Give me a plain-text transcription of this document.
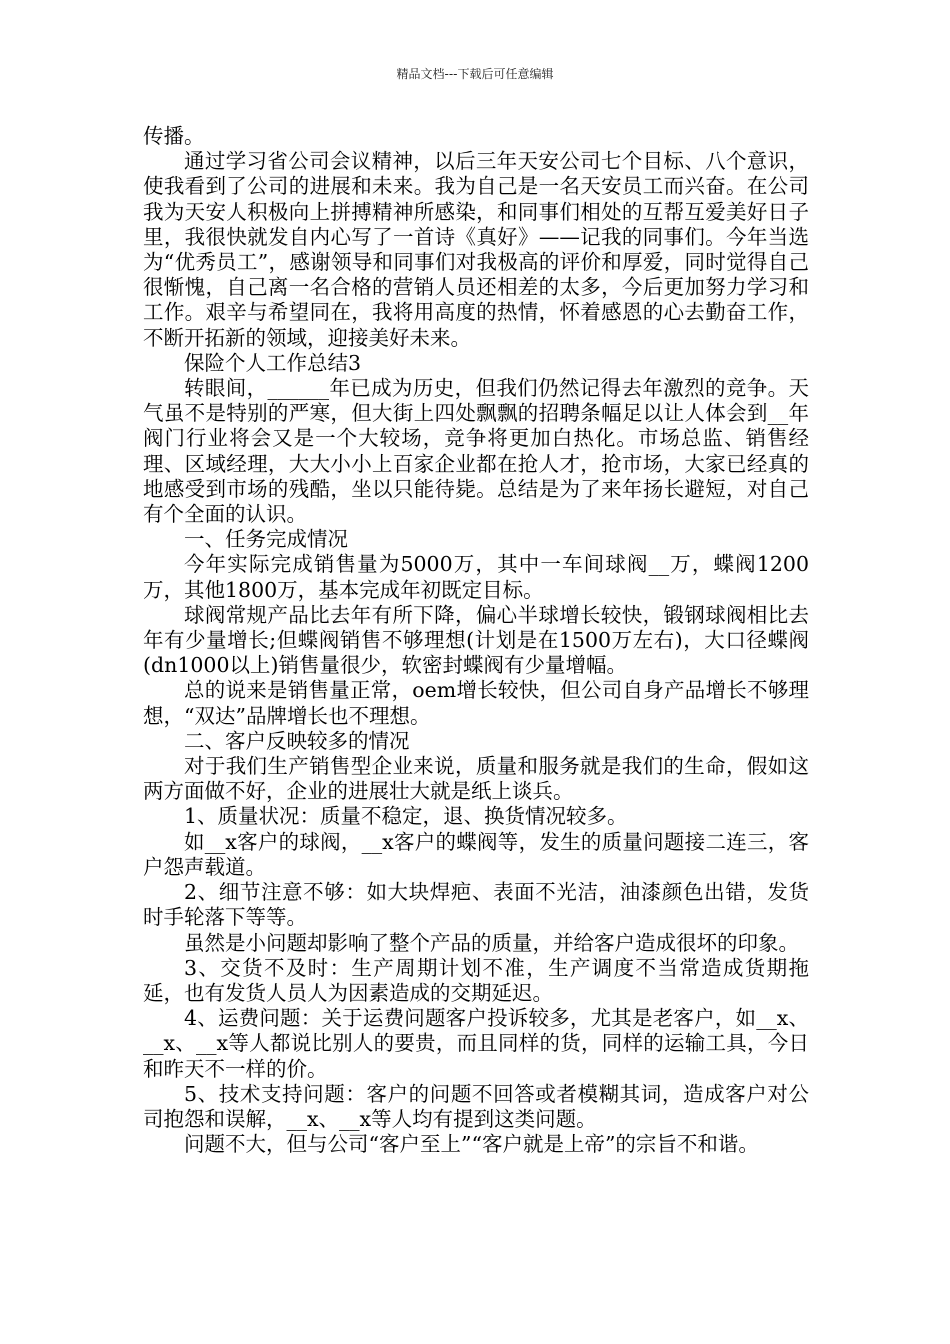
精品文档---下载后可任意编辑

传播。

通过学习省公司会议精神，以后三年天安公司七个目标、八个意识，使我看到了公司的进展和未来。我为自己是一名天安员工而兴奋。在公司我为天安人积极向上拼搏精神所感染，和同事们相处的互帮互爱美好日子里，我很快就发自内心写了一首诗《真好》——记我的同事们。今年当选为“优秀员工”，感谢领导和同事们对我极高的评价和厚爱，同时觉得自己很惭愧，自己离一名合格的营销人员还相差的太多，今后更加努力学习和工作。艰辛与希望同在，我将用高度的热情，怀着感恩的心去勤奋工作，不断开拓新的领域，迎接美好未来。

保险个人工作总结3

转眼间，______年已成为历史，但我们仍然记得去年激烈的竞争。天气虽不是特别的严寒，但大街上四处飘飘的招聘条幅足以让人体会到__年阀门行业将会又是一个大较场，竞争将更加白热化。市场总监、销售经理、区域经理，大大小小上百家企业都在抢人才，抢市场，大家已经真的地感受到市场的残酷，坐以只能待毙。总结是为了来年扬长避短，对自己有个全面的认识。

一、任务完成情况

今年实际完成销售量为5000万，其中一车间球阀__万，蝶阀1200万，其他1800万，基本完成年初既定目标。

球阀常规产品比去年有所下降，偏心半球增长较快，锻钢球阀相比去年有少量增长;但蝶阀销售不够理想(计划是在1500万左右)，大口径蝶阀(dn1000以上)销售量很少，软密封蝶阀有少量增幅。

总的说来是销售量正常，oem增长较快，但公司自身产品增长不够理想，“双达”品牌增长也不理想。

二、客户反映较多的情况

对于我们生产销售型企业来说，质量和服务就是我们的生命，假如这两方面做不好，企业的进展壮大就是纸上谈兵。

1、质量状况：质量不稳定，退、换货情况较多。

如__x客户的球阀，__x客户的蝶阀等，发生的质量问题接二连三，客户怨声载道。

2、细节注意不够：如大块焊疤、表面不光洁，油漆颜色出错，发货时手轮落下等等。

虽然是小问题却影响了整个产品的质量，并给客户造成很坏的印象。

3、交货不及时：生产周期计划不准，生产调度不当常造成货期拖延，也有发货人员人为因素造成的交期延迟。

4、运费问题：关于运费问题客户投诉较多，尤其是老客户，如__x、__x、__x等人都说比别人的要贵，而且同样的货，同样的运输工具，今日和昨天不一样的价。

5、技术支持问题：客户的问题不回答或者模糊其词，造成客户对公司抱怨和误解，__x、__x等人均有提到这类问题。

问题不大，但与公司“客户至上”“客户就是上帝”的宗旨不和谐。
